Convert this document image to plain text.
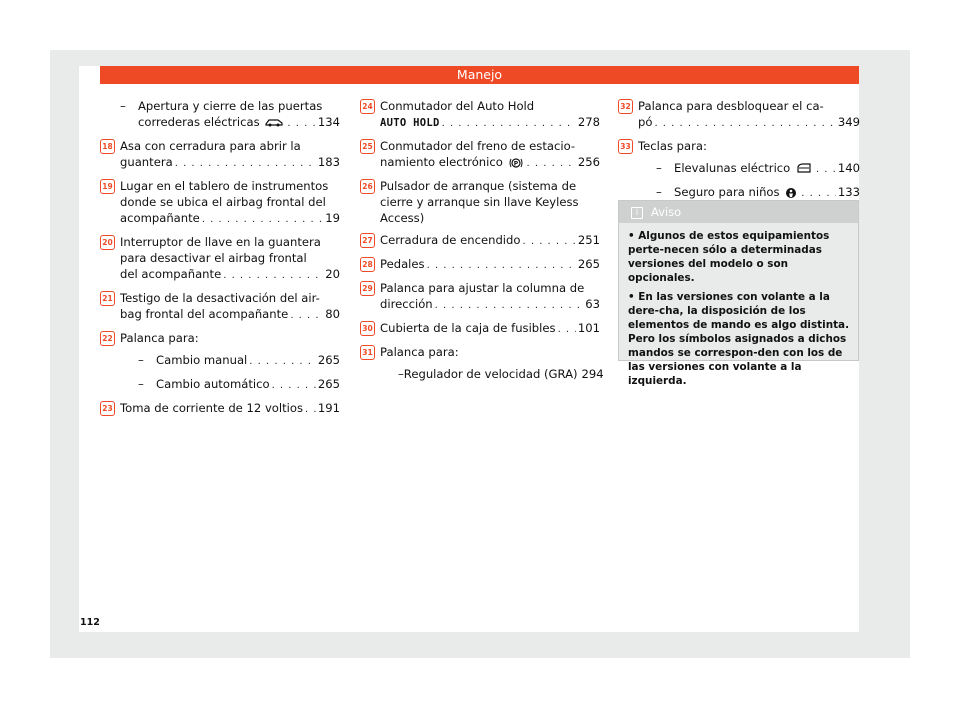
Manejo
– Apertura y cierre de las puertas
correderas eléctricas . . .	134
18 Asa con cerradura para abrir la
guantera . . .	183
19 Lugar en el tablero de instrumentos
donde se ubica el airbag frontal del
acompañante . . .	19
20 Interruptor de llave en la guantera
para desactivar el airbag frontal
del acompañante . . .	20
21 Testigo de la desactivación del air-
bag frontal del acompañante . . .	80
22 Palanca para:
–	Cambio manual . . .	265
–	Cambio automático . . .	265
23 Toma de corriente de 12 voltios . . . 191
24 Conmutador del Auto Hold
AUTO HOLD . . .	278
25 Conmutador del freno de estacio-
namiento electrónico P . . .	256
26 Pulsador de arranque (sistema de
cierre y arranque sin llave Keyless
Access)
27 Cerradura de encendido . . .	251
28 Pedales . . .	265
29 Palanca para ajustar la columna de
dirección . . .	63
30 Cubierta de la caja de fusibles . . . 101
31 Palanca para:
– Regulador de velocidad (GRA) 294
32 Palanca para desbloquear el ca-
pó . . .	349
33 Teclas para:
–	Elevalunas eléctrico . . .	140
–	Seguro para niños . . .	133
i Aviso

• Algunos de estos equipamientos perte-necen sólo a determinadas versiones del modelo o son opcionales.

• En las versiones con volante a la dere-cha, la disposición de los elementos de mando es algo distinta. Pero los símbolos asignados a dichos mandos se correspon-den con los de las versiones con volante a la izquierda.

112
